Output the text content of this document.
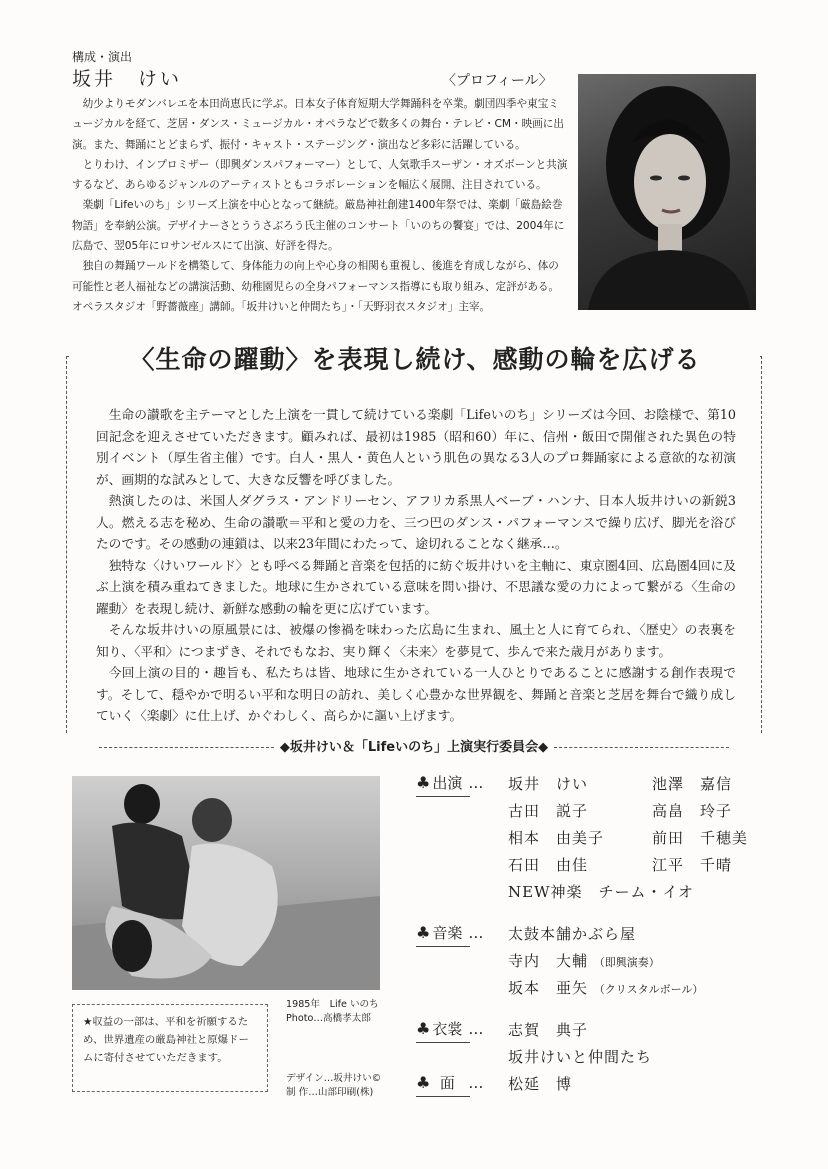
構成・演出
坂井　けい	〈プロフィール〉

幼少よりモダンバレエを本田尚恵氏に学ぶ。日本女子体育短期大学舞踊科を卒業。劇団四季や東宝ミュージカルを経て、芝居・ダンス・ミュージカル・オペラなどで数多くの舞台・テレビ・CM・映画に出演。また、舞踊にとどまらず、振付・キャスト・ステージング・演出など多彩に活躍している。

とりわけ、インプロミザー（即興ダンスパフォーマー）として、人気歌手スーザン・オズボーンと共演するなど、あらゆるジャンルのアーティストともコラボレーションを幅広く展開、注目されている。

楽劇「Lifeいのち」シリーズ上演を中心となって継続。厳島神社創建1400年祭では、楽劇「厳島絵巻物語」を奉納公演。デザイナーさとううさぶろう氏主催のコンサート「いのちの饗宴」では、2004年に広島で、翌05年にロサンゼルスにて出演、好評を得た。

独自の舞踊ワールドを構築して、身体能力の向上や心身の相関も重視し、後進を育成しながら、体の可能性と老人福祉などの講演活動、幼稚園児らの全身パフォーマンス指導にも取り組み、定評がある。オペラスタジオ「野薔薇座」講師。「坂井けいと仲間たち」・「天野羽衣スタジオ」主宰。

〈生命の躍動〉を表現し続け、感動の輪を広げる

生命の讃歌を主テーマとした上演を一貫して続けている楽劇「Lifeいのち」シリーズは今回、お陰様で、第10回記念を迎えさせていただきます。顧みれば、最初は1985（昭和60）年に、信州・飯田で開催された異色の特別イベント（厚生省主催）です。白人・黒人・黄色人という肌色の異なる3人のプロ舞踊家による意欲的な初演が、画期的な試みとして、大きな反響を呼びました。

熱演したのは、米国人ダグラス・アンドリーセン、アフリカ系黒人ベーブ・ハンナ、日本人坂井けいの新鋭3人。燃える志を秘め、生命の讃歌＝平和と愛の力を、三つ巴のダンス・パフォーマンスで繰り広げ、脚光を浴びたのです。その感動の連鎖は、以来23年間にわたって、途切れることなく継承…。

独特な〈けいワールド〉とも呼べる舞踊と音楽を包括的に紡ぐ坂井けいを主軸に、東京圏4回、広島圏4回に及ぶ上演を積み重ねてきました。地球に生かされている意味を問い掛け、不思議な愛の力によって繋がる〈生命の躍動〉を表現し続け、新鮮な感動の輪を更に広げています。

そんな坂井けいの原風景には、被爆の惨禍を味わった広島に生まれ、風土と人に育てられ、〈歴史〉の表裏を知り、〈平和〉につまずき、それでもなお、実り輝く〈未来〉を夢見て、歩んで来た歳月があります。

今回上演の目的・趣旨も、私たちは皆、地球に生かされている一人ひとりであることに感謝する創作表現です。そして、穏やかで明るい平和な明日の訪れ、美しく心豊かな世界観を、舞踊と音楽と芝居を舞台で織り成していく〈楽劇〉に仕上げ、かぐわしく、高らかに謳い上げます。

◆坂井けい＆「Lifeいのち」上演実行委員会◆
★収益の一部は、平和を祈願するため、世界遺産の厳島神社と原爆ドームに寄付させていただきます。
1985年　Life いのち
Photo…高橋孝太郎
デザイン…坂井けい©
制 作…山部印刷(株)
♣ 出演 … 坂井　けい	池澤　嘉信
古田　説子	高畠　玲子
相本　由美子	前田　千穂美
石田　由佳	江平　千晴
NEW神楽　チーム・イオ
♣ 音楽 … 太鼓本舗かぶら屋
寺内　大輔 （即興演奏）
坂本　亜矢 （クリスタルボール）
♣ 衣裳 … 志賀　典子
坂井けいと仲間たち
♣ 面 … 松延　博
